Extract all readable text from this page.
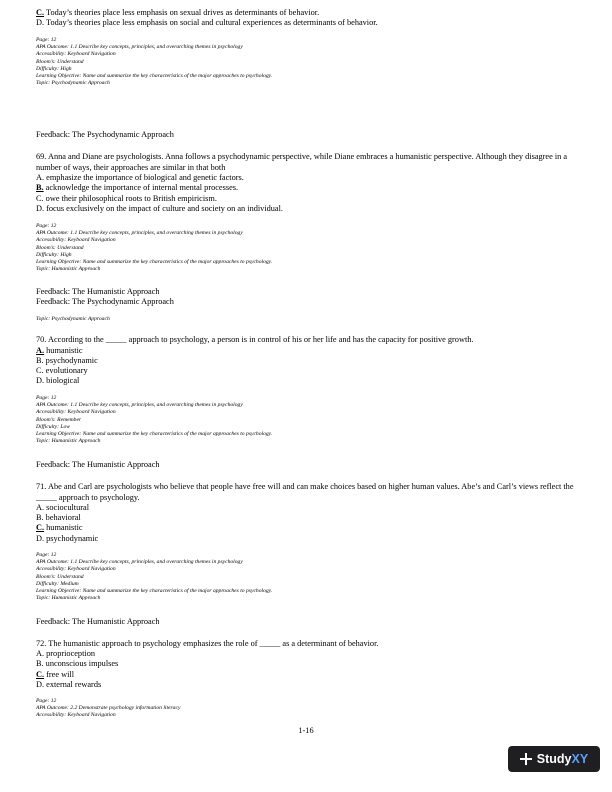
C. Today’s theories place less emphasis on sexual drives as determinants of behavior.
D. Today’s theories place less emphasis on social and cultural experiences as determinants of behavior.
Page: 12
APA Outcome: 1.1 Describe key concepts, principles, and overarching themes in psychology
Accessibility: Keyboard Navigation
Bloom’s: Understand
Difficulty: High
Learning Objective: Name and summarize the key characteristics of the major approaches to psychology.
Topic: Psychodynamic Approach
Feedback: The Psychodynamic Approach
69. Anna and Diane are psychologists. Anna follows a psychodynamic perspective, while Diane embraces a humanistic perspective. Although they disagree in a number of ways, their approaches are similar in that both
A. emphasize the importance of biological and genetic factors.
B. acknowledge the importance of internal mental processes.
C. owe their philosophical roots to British empiricism.
D. focus exclusively on the impact of culture and society on an individual.
Page: 12
APA Outcome: 1.1 Describe key concepts, principles, and overarching themes in psychology
Accessibility: Keyboard Navigation
Bloom’s: Understand
Difficulty: High
Learning Objective: Name and summarize the key characteristics of the major approaches to psychology.
Topic: Humanistic Approach
Feedback: The Humanistic Approach
Feedback: The Psychodynamic Approach
Topic: Psychodynamic Approach
70. According to the _____ approach to psychology, a person is in control of his or her life and has the capacity for positive growth.
A. humanistic
B. psychodynamic
C. evolutionary
D. biological
Page: 12
APA Outcome: 1.1 Describe key concepts, principles, and overarching themes in psychology
Accessibility: Keyboard Navigation
Bloom’s: Remember
Difficulty: Low
Learning Objective: Name and summarize the key characteristics of the major approaches to psychology.
Topic: Humanistic Approach
Feedback: The Humanistic Approach
71. Abe and Carl are psychologists who believe that people have free will and can make choices based on higher human values. Abe’s and Carl’s views reflect the _____ approach to psychology.
A. sociocultural
B. behavioral
C. humanistic
D. psychodynamic
Page: 12
APA Outcome: 1.1 Describe key concepts, principles, and overarching themes in psychology
Accessibility: Keyboard Navigation
Bloom’s: Understand
Difficulty: Medium
Learning Objective: Name and summarize the key characteristics of the major approaches to psychology.
Topic: Humanistic Approach
Feedback: The Humanistic Approach
72. The humanistic approach to psychology emphasizes the role of _____ as a determinant of behavior.
A. proprioception
B. unconscious impulses
C. free will
D. external rewards
Page: 12
APA Outcome: 2.2 Demonstrate psychology information literacy
Accessibility: Keyboard Navigation
1-16
StudyXY
